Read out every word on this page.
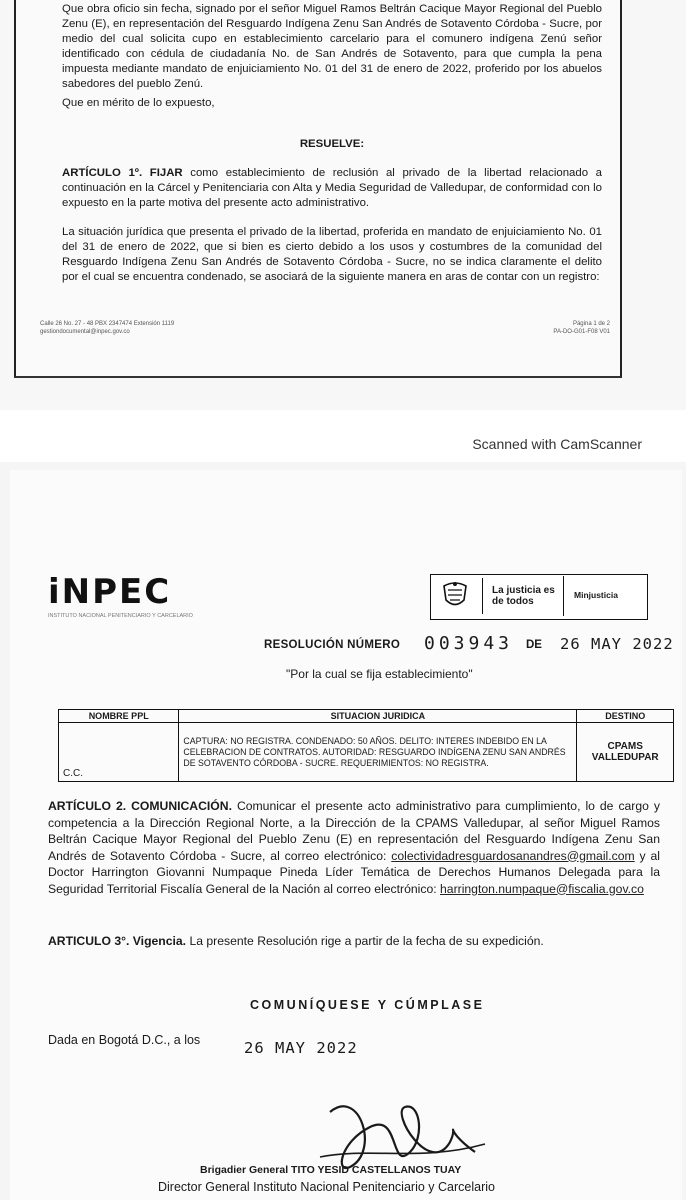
Que obra oficio sin fecha, signado por el señor Miguel Ramos Beltrán Cacique Mayor Regional del Pueblo Zenu (E), en representación del Resguardo Indígena Zenu San Andrés de Sotavento Córdoba - Sucre, por medio del cual solicita cupo en establecimiento carcelario para el comunero indígena Zenú señor identificado con cédula de ciudadanía No. de San Andrés de Sotavento, para que cumpla la pena impuesta mediante mandato de enjuiciamiento No. 01 del 31 de enero de 2022, proferido por los abuelos sabedores del pueblo Zenú.
Que en mérito de lo expuesto,
RESUELVE:
ARTÍCULO 1º. FIJAR como establecimiento de reclusión al privado de la libertad relacionado a continuación en la Cárcel y Penitenciaria con Alta y Media Seguridad de Valledupar, de conformidad con lo expuesto en la parte motiva del presente acto administrativo.
La situación jurídica que presenta el privado de la libertad, proferida en mandato de enjuiciamiento No. 01 del 31 de enero de 2022, que si bien es cierto debido a los usos y costumbres de la comunidad del Resguardo Indígena Zenu San Andrés de Sotavento Córdoba - Sucre, no se indica claramente el delito por el cual se encuentra condenado, se asociará de la siguiente manera en aras de contar con un registro:
Calle 26 No. 27 - 48 PBX 2347474 Extensión 1119
gestiondocumental@inpec.gov.co
Página 1 de 2
PA-DO-G01-F08 V01
Scanned with CamScanner
iNPEC
INSTITUTO NACIONAL PENITENCIARIO Y CARCELARIO
La justicia es de todos
Minjusticia
RESOLUCIÓN NÚMERO 003943 DE 26 MAY 2022
"Por la cual se fija establecimiento"
NOMBRE PPL	SITUACION JURIDICA	DESTINO
C.C.	CAPTURA: NO REGISTRA. CONDENADO: 50 AÑOS. DELITO: INTERES INDEBIDO EN LA CELEBRACION DE CONTRATOS. AUTORIDAD: RESGUARDO INDÍGENA ZENU SAN ANDRÉS DE SOTAVENTO CÓRDOBA - SUCRE. REQUERIMIENTOS: NO REGISTRA.	CPAMS VALLEDUPAR
ARTÍCULO 2. COMUNICACIÓN. Comunicar el presente acto administrativo para cumplimiento, lo de cargo y competencia a la Dirección Regional Norte, a la Dirección de la CPAMS Valledupar, al señor Miguel Ramos Beltrán Cacique Mayor Regional del Pueblo Zenu (E) en representación del Resguardo Indígena Zenu San Andrés de Sotavento Córdoba - Sucre, al correo electrónico: colectividadresguardosanandres@gmail.com y al Doctor Harrington Giovanni Numpaque Pineda Líder Temática de Derechos Humanos Delegada para la Seguridad Territorial Fiscalía General de la Nación al correo electrónico: harrington.numpaque@fiscalia.gov.co
ARTICULO 3°. Vigencia. La presente Resolución rige a partir de la fecha de su expedición.
COMUNÍQUESE Y CÚMPLASE
Dada en Bogotá D.C., a los	26 MAY 2022
Brigadier General TITO YESID CASTELLANOS TUAY
Director General Instituto Nacional Penitenciario y Carcelario
